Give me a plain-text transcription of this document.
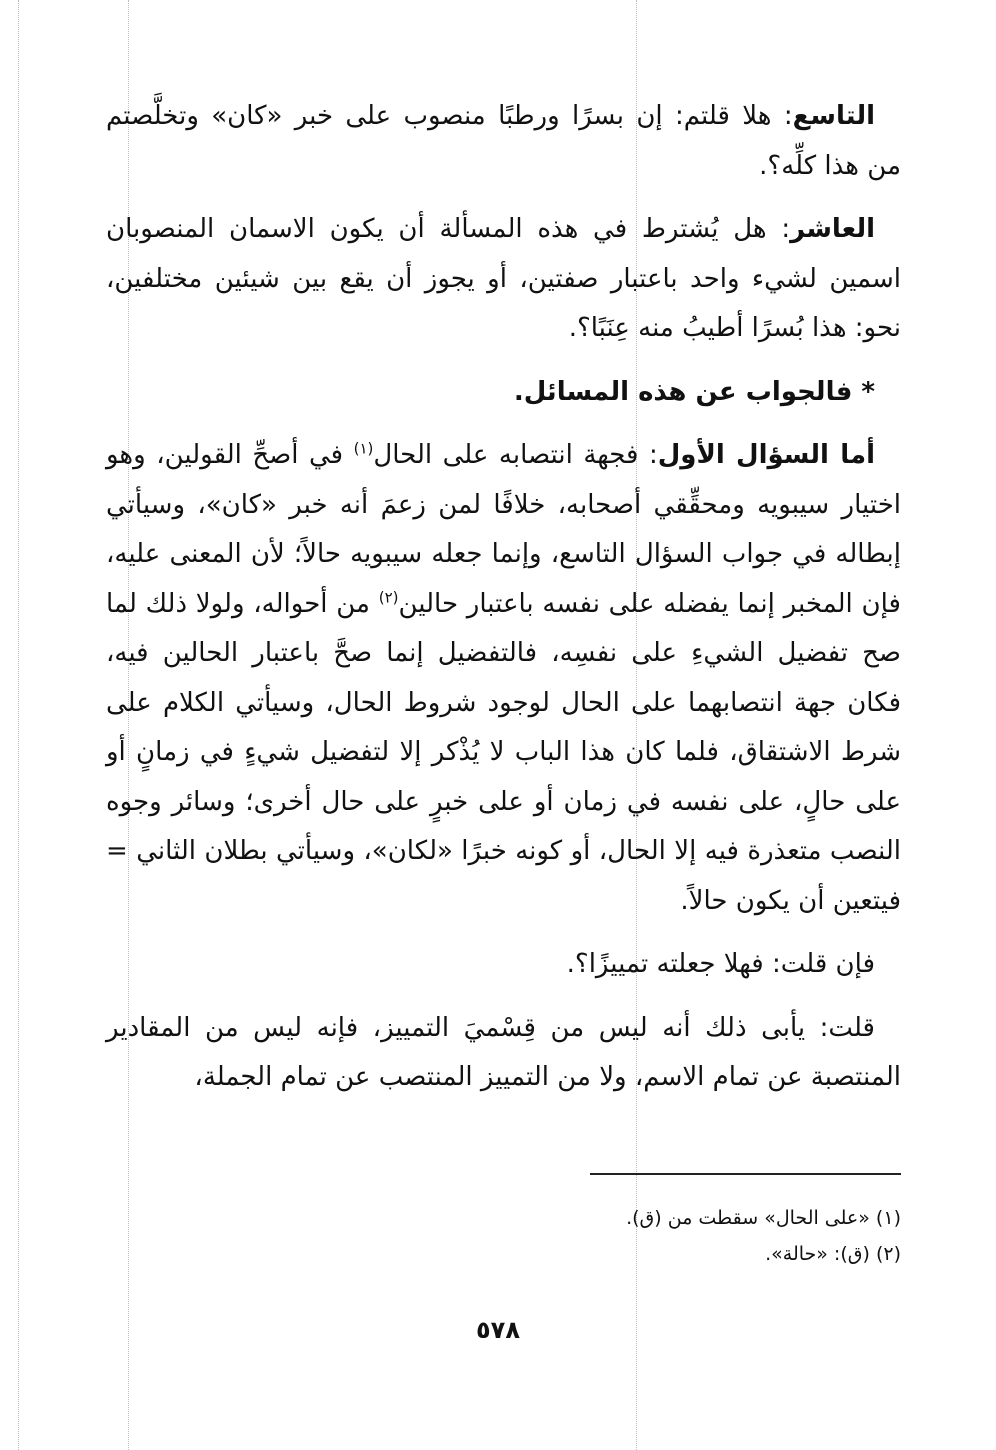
التاسع: هلا قلتم: إن بسرًا ورطبًا منصوب على خبر «كان» وتخلَّصتم من هذا كلِّه؟.

العاشر: هل يُشترط في هذه المسألة أن يكون الاسمان المنصوبان اسمين لشيء واحد باعتبار صفتين، أو يجوز أن يقع بين شيئين مختلفين، نحو: هذا بُسرًا أطيبُ منه عِنَبًا؟.

* فالجواب عن هذه المسائل.

أما السؤال الأول: فجهة انتصابه على الحال$^{(١)}$ في أصحِّ القولين، وهو اختيار سيبويه ومحقِّقي أصحابه، خلافًا لمن زعمَ أنه خبر «كان»، وسيأتي إبطاله في جواب السؤال التاسع، وإنما جعله سيبويه حالاً؛ لأن المعنى عليه، فإن المخبر إنما يفضله على نفسه باعتبار حالين$^{(٢)}$ من أحواله، ولولا ذلك لما صح تفضيل الشيءِ على نفسِه، فالتفضيل إنما صحَّ باعتبار الحالين فيه، فكان جهة انتصابهما على الحال لوجود شروط الحال، وسيأتي الكلام على شرط الاشتقاق، فلما كان هذا الباب لا يُذْكر إلا لتفضيل شيءٍ في زمانٍ أو على حالٍ، على نفسه في زمان أو على خبرٍ على حال أخرى؛ وسائر وجوه النصب متعذرة فيه إلا الحال، أو كونه خبرًا «لكان»، وسيأتي بطلان الثاني = فيتعين أن يكون حالاً.

فإن قلت: فهلا جعلته تمييزًا؟.

قلت: يأبى ذلك أنه ليس من قِسْميَ التمييز، فإنه ليس من المقادير المنتصبة عن تمام الاسم، ولا من التمييز المنتصب عن تمام الجملة،

(١) «على الحال» سقطت من (ق).

(٢) (ق): «حالة».

٥٧٨
